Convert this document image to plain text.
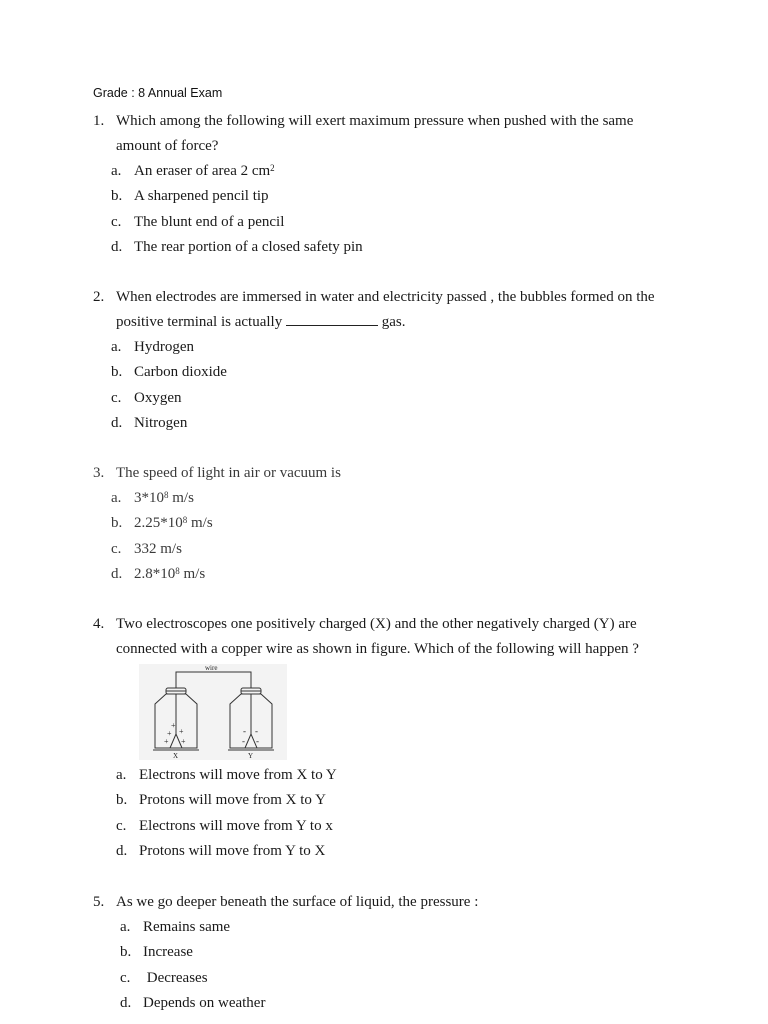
Grade : 8 Annual Exam
1. Which among the following will exert maximum pressure when pushed with the same

amount of force?

a. An eraser of area 2 $cm^2$
b. A sharpened pencil tip
c. The blunt end of a pencil
d. The rear portion of a closed safety pin
2. When electrodes are immersed in water and electricity passed , the bubbles formed on the

positive terminal is actually	gas.

a. Hydrogen
b. Carbon dioxide
c. Oxygen
d. Nitrogen
3. The speed of light in air or vacuum is

a. $3*10^8$ m/s
b. $2.25*10^8$ m/s
c. 332 m/s
d. $2.8*10^8$ m/s
4. Two electroscopes one positively charged (X) and the other negatively charged (Y) are

connected with a copper wire as shown in figure. Which of the following will happen ?

wire
X	Y
+ +
+ +
+
- -
- -
a. Electrons will move from X to Y
b. Protons will move from X to Y
c. Electrons will move from Y to x
d. Protons will move from Y to X
5. As we go deeper beneath the surface of liquid, the pressure :

a. Remains same
b. Increase
c. Decreases
d. Depends on weather
